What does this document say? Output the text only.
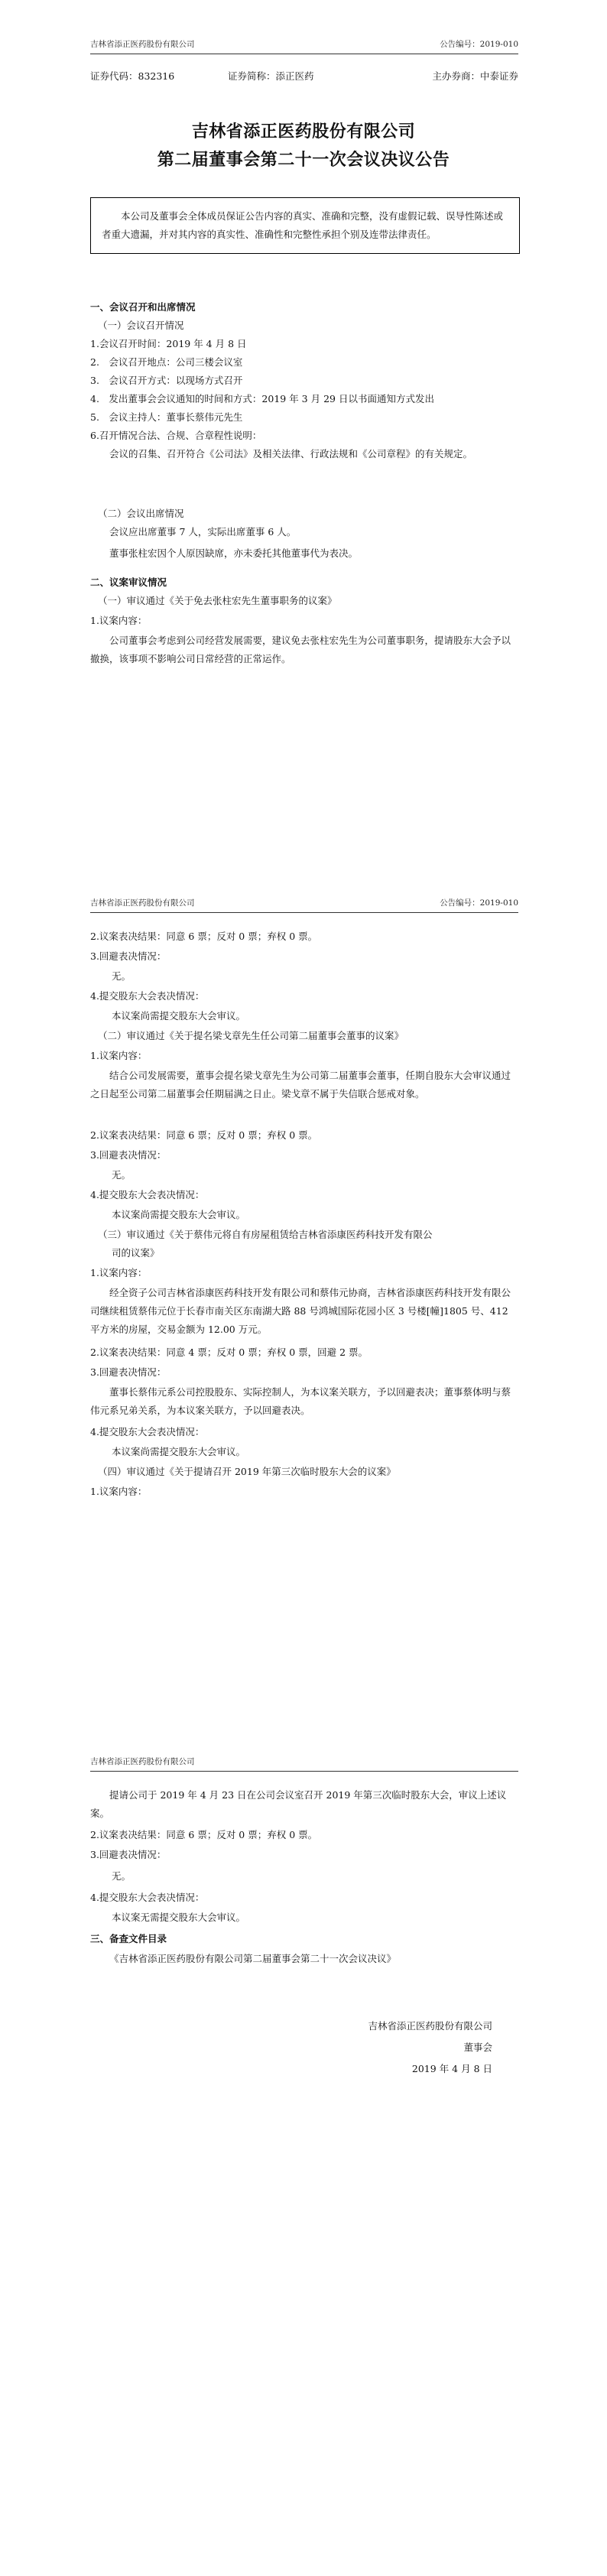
吉林省添正医药股份有限公司	公告编号：2019-010
证券代码：832316	证券简称：添正医药	主办券商：中泰证券
吉林省添正医药股份有限公司
第二届董事会第二十一次会议决议公告
本公司及董事会全体成员保证公告内容的真实、准确和完整，没有虚假记载、误导性陈述或者重大遗漏，并对其内容的真实性、准确性和完整性承担个别及连带法律责任。
一、会议召开和出席情况
（一）会议召开情况
1.会议召开时间：2019 年 4 月 8 日
2.　会议召开地点：公司三楼会议室
3.　会议召开方式：以现场方式召开
4.　发出董事会会议通知的时间和方式：2019 年 3 月 29 日以书面通知方式发出
5.　会议主持人：董事长蔡伟元先生
6.召开情况合法、合规、合章程性说明：
会议的召集、召开符合《公司法》及相关法律、行政法规和《公司章程》的有关规定。
（二）会议出席情况
会议应出席董事 7 人，实际出席董事 6 人。
董事张柱宏因个人原因缺席，亦未委托其他董事代为表决。
二、议案审议情况
（一）审议通过《关于免去张柱宏先生董事职务的议案》
1.议案内容：
公司董事会考虑到公司经营发展需要，建议免去张柱宏先生为公司董事职务，提请股东大会予以撤换，该事项不影响公司日常经营的正常运作。
吉林省添正医药股份有限公司	公告编号：2019-010
2.议案表决结果：同意 6 票；反对 0 票；弃权 0 票。
3.回避表决情况：
无。
4.提交股东大会表决情况：
本议案尚需提交股东大会审议。
（二）审议通过《关于提名梁戈章先生任公司第二届董事会董事的议案》
1.议案内容：
结合公司发展需要，董事会提名梁戈章先生为公司第二届董事会董事，任期自股东大会审议通过之日起至公司第二届董事会任期届满之日止。梁戈章不属于失信联合惩戒对象。
2.议案表决结果：同意 6 票；反对 0 票；弃权 0 票。
3.回避表决情况：
无。
4.提交股东大会表决情况：
本议案尚需提交股东大会审议。
（三）审议通过《关于蔡伟元将自有房屋租赁给吉林省添康医药科技开发有限公
司的议案》
1.议案内容：
经全资子公司吉林省添康医药科技开发有限公司和蔡伟元协商，吉林省添康医药科技开发有限公司继续租赁蔡伟元位于长春市南关区东南湖大路 88 号鸿城国际花园小区 3 号楼[幢]1805 号、412 平方米的房屋，交易金额为 12.00 万元。
2.议案表决结果：同意 4 票；反对 0 票；弃权 0 票，回避 2 票。
3.回避表决情况：
董事长蔡伟元系公司控股股东、实际控制人，为本议案关联方，予以回避表决；董事蔡体明与蔡伟元系兄弟关系，为本议案关联方，予以回避表决。
4.提交股东大会表决情况：
本议案尚需提交股东大会审议。
（四）审议通过《关于提请召开 2019 年第三次临时股东大会的议案》
1.议案内容：
吉林省添正医药股份有限公司
提请公司于 2019 年 4 月 23 日在公司会议室召开 2019 年第三次临时股东大会，审议上述议案。
2.议案表决结果：同意 6 票；反对 0 票；弃权 0 票。
3.回避表决情况：
无。
4.提交股东大会表决情况：
本议案无需提交股东大会审议。
三、备查文件目录
《吉林省添正医药股份有限公司第二届董事会第二十一次会议决议》
吉林省添正医药股份有限公司
董事会
2019 年 4 月 8 日
